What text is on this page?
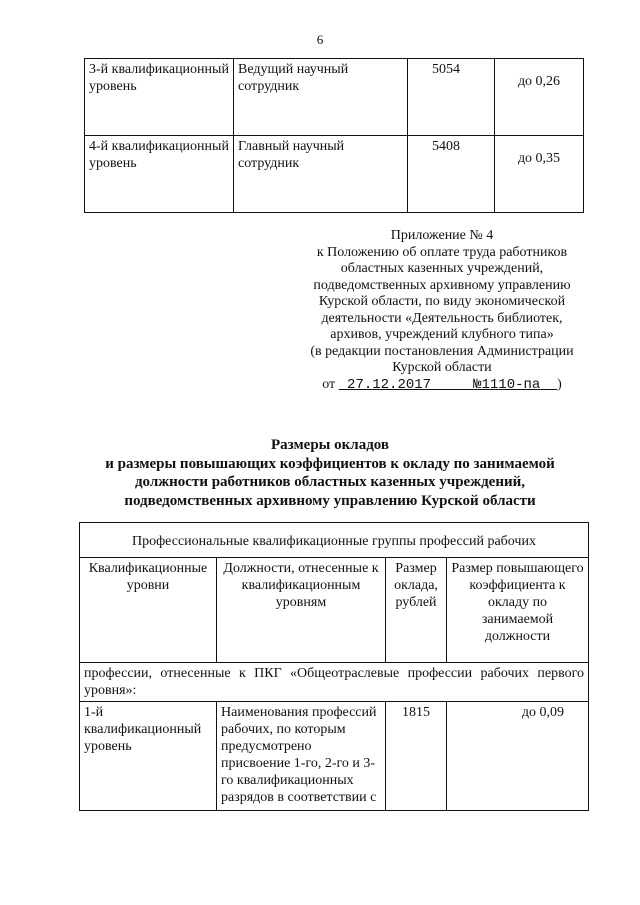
6
3-й квалификационный уровень	Ведущий научный сотрудник	5054	до 0,26
4-й квалификационный уровень	Главный научный сотрудник	5408	до 0,35
Приложение № 4
к Положению об оплате труда работников
областных казенных учреждений,
подведомственных архивному управлению
Курской области, по виду экономической
деятельности «Деятельность библиотек,
архивов, учреждений клубного типа»
(в редакции постановления Администрации
Курской области
от 27.12.2017	№1110-па )
Размеры окладов
и размеры повышающих коэффициентов к окладу по занимаемой
должности работников областных казенных учреждений,
подведомственных архивному управлению Курской области
Профессиональные квалификационные группы профессий рабочих			
Квалификационные уровни	Должности, отнесенные к квалификационным уровням	Размер оклада, рублей	Размер повышающего коэффициента к окладу по занимаемой должности
профессии, отнесенные к ПКГ «Общеотраслевые профессии рабочих первого уровня»:			
1-й квалификационный уровень	Наименования профессий рабочих, по которым предусмотрено присвоение 1-го, 2-го и 3-го квалификационных разрядов в соответствии с	1815	до 0,09
